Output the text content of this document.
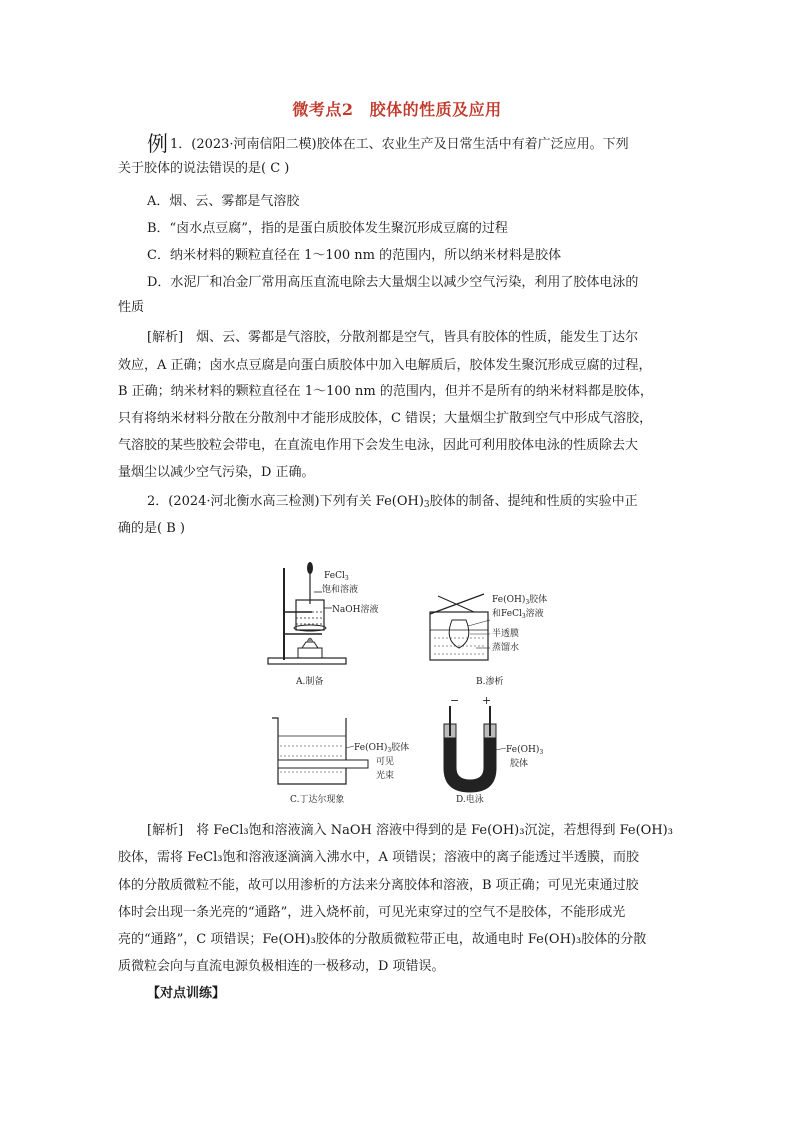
微考点2 胶体的性质及应用
例 1．(2023·河南信阳二模)胶体在工、农业生产及日常生活中有着广泛应用。下列
关于胶体的说法错误的是( C )
A．烟、云、雾都是气溶胶
B．“卤水点豆腐”，指的是蛋白质胶体发生聚沉形成豆腐的过程
C．纳米材料的颗粒直径在 1～100 nm 的范围内，所以纳米材料是胶体
D．水泥厂和冶金厂常用高压直流电除去大量烟尘以减少空气污染，利用了胶体电泳的
性质
[解析]　烟、云、雾都是气溶胶，分散剂都是空气，皆具有胶体的性质，能发生丁达尔
效应，A 正确；卤水点豆腐是向蛋白质胶体中加入电解质后，胶体发生聚沉形成豆腐的过程，
B 正确；纳米材料的颗粒直径在 1～100 nm 的范围内，但并不是所有的纳米材料都是胶体，
只有将纳米材料分散在分散剂中才能形成胶体，C 错误；大量烟尘扩散到空气中形成气溶胶，
气溶胶的某些胶粒会带电，在直流电作用下会发生电泳，因此可利用胶体电泳的性质除去大
量烟尘以减少空气污染，D 正确。
2．(2024·河北衡水高三检测)下列有关 $Fe(OH)_3$胶体的制备、提纯和性质的实验中正
确的是( B )
FeCl$_3$
饱和溶液
NaOH溶液
A.制备
$Fe(OH)_3$胶体
和FeCl$_3$溶液
半透膜
蒸馏水
B.渗析
$Fe(OH)_3$胶体
可见
光束
C.丁达尔现象
− +
$Fe(OH)_3$
胶体
D.电泳
[解析]　将 FeCl₃饱和溶液滴入 NaOH 溶液中得到的是 Fe(OH)₃沉淀，若想得到 Fe(OH)₃
胶体，需将 FeCl₃饱和溶液逐滴滴入沸水中，A 项错误；溶液中的离子能透过半透膜，而胶
体的分散质微粒不能，故可以用渗析的方法来分离胶体和溶液，B 项正确；可见光束通过胶
体时会出现一条光亮的“通路”，进入烧杯前，可见光束穿过的空气不是胶体，不能形成光
亮的“通路”，C 项错误；Fe(OH)₃胶体的分散质微粒带正电，故通电时 Fe(OH)₃胶体的分散
质微粒会向与直流电源负极相连的一极移动，D 项错误。
【对点训练】
